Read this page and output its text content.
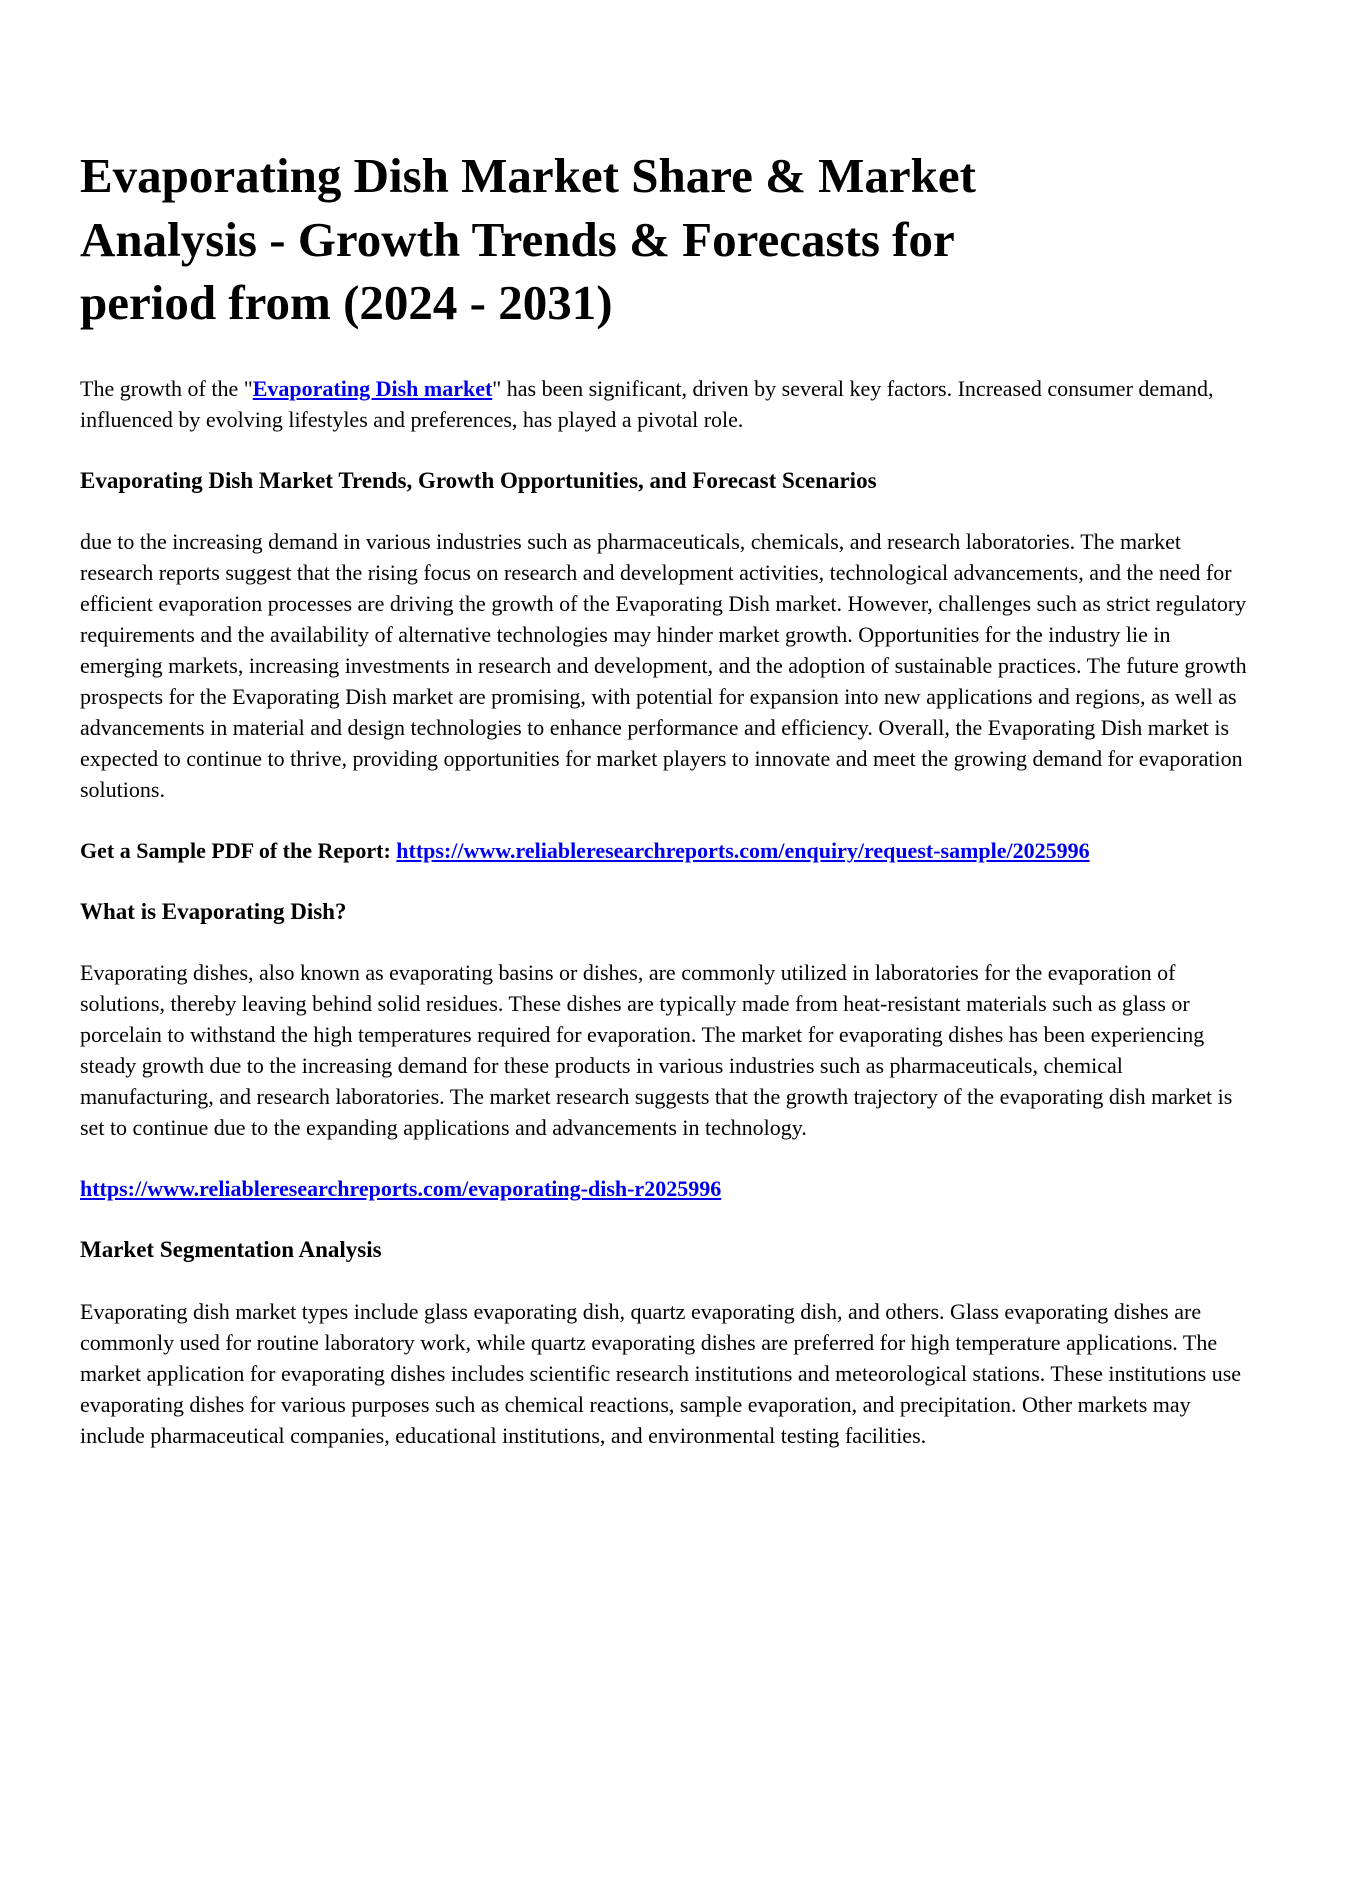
Evaporating Dish Market Share & Market Analysis - Growth Trends & Forecasts for period from (2024 - 2031)

The growth of the "Evaporating Dish market" has been significant, driven by several key factors. Increased consumer demand, influenced by evolving lifestyles and preferences, has played a pivotal role.

Evaporating Dish Market Trends, Growth Opportunities, and Forecast Scenarios

due to the increasing demand in various industries such as pharmaceuticals, chemicals, and research laboratories. The market research reports suggest that the rising focus on research and development activities, technological advancements, and the need for efficient evaporation processes are driving the growth of the Evaporating Dish market. However, challenges such as strict regulatory requirements and the availability of alternative technologies may hinder market growth. Opportunities for the industry lie in emerging markets, increasing investments in research and development, and the adoption of sustainable practices. The future growth prospects for the Evaporating Dish market are promising, with potential for expansion into new applications and regions, as well as advancements in material and design technologies to enhance performance and efficiency. Overall, the Evaporating Dish market is expected to continue to thrive, providing opportunities for market players to innovate and meet the growing demand for evaporation solutions.

Get a Sample PDF of the Report: https://www.reliableresearchreports.com/enquiry/request-sample/2025996

What is Evaporating Dish?

Evaporating dishes, also known as evaporating basins or dishes, are commonly utilized in laboratories for the evaporation of solutions, thereby leaving behind solid residues. These dishes are typically made from heat-resistant materials such as glass or porcelain to withstand the high temperatures required for evaporation. The market for evaporating dishes has been experiencing steady growth due to the increasing demand for these products in various industries such as pharmaceuticals, chemical manufacturing, and research laboratories. The market research suggests that the growth trajectory of the evaporating dish market is set to continue due to the expanding applications and advancements in technology.

https://www.reliableresearchreports.com/evaporating-dish-r2025996

Market Segmentation Analysis

Evaporating dish market types include glass evaporating dish, quartz evaporating dish, and others. Glass evaporating dishes are commonly used for routine laboratory work, while quartz evaporating dishes are preferred for high temperature applications. The market application for evaporating dishes includes scientific research institutions and meteorological stations. These institutions use evaporating dishes for various purposes such as chemical reactions, sample evaporation, and precipitation. Other markets may include pharmaceutical companies, educational institutions, and environmental testing facilities.
